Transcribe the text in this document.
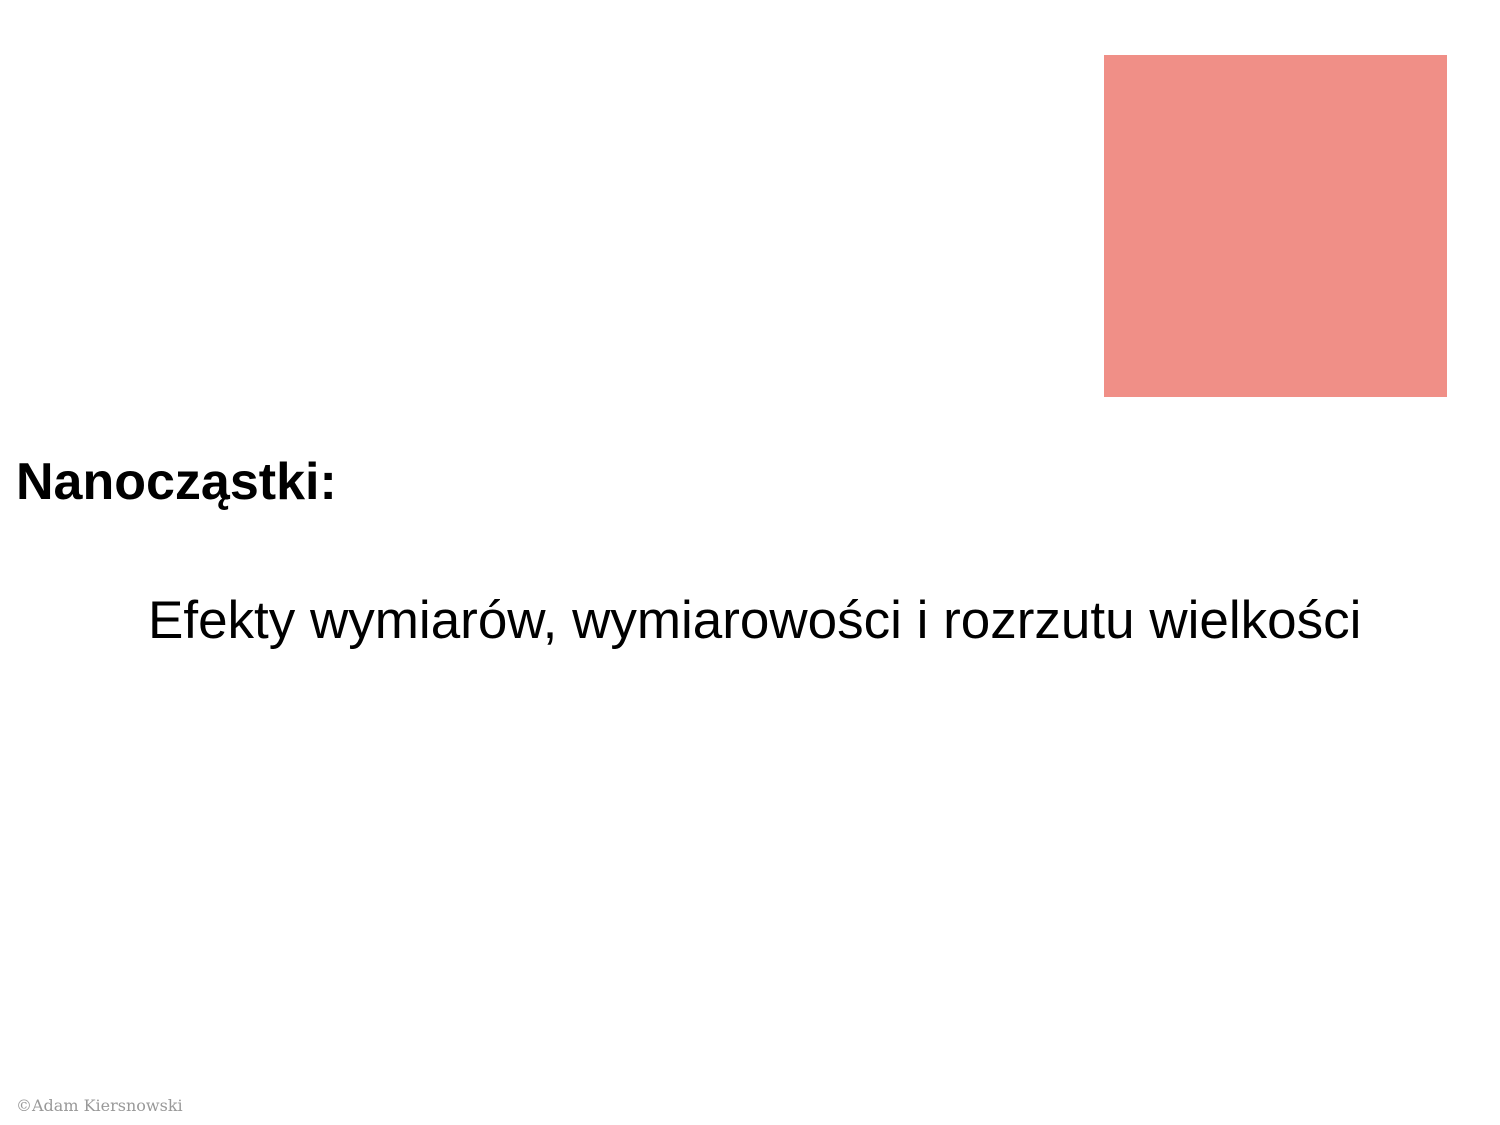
Nanocząstki:

Efekty wymiarów, wymiarowości i rozrzutu wielkości

©Adam Kiersnowski
